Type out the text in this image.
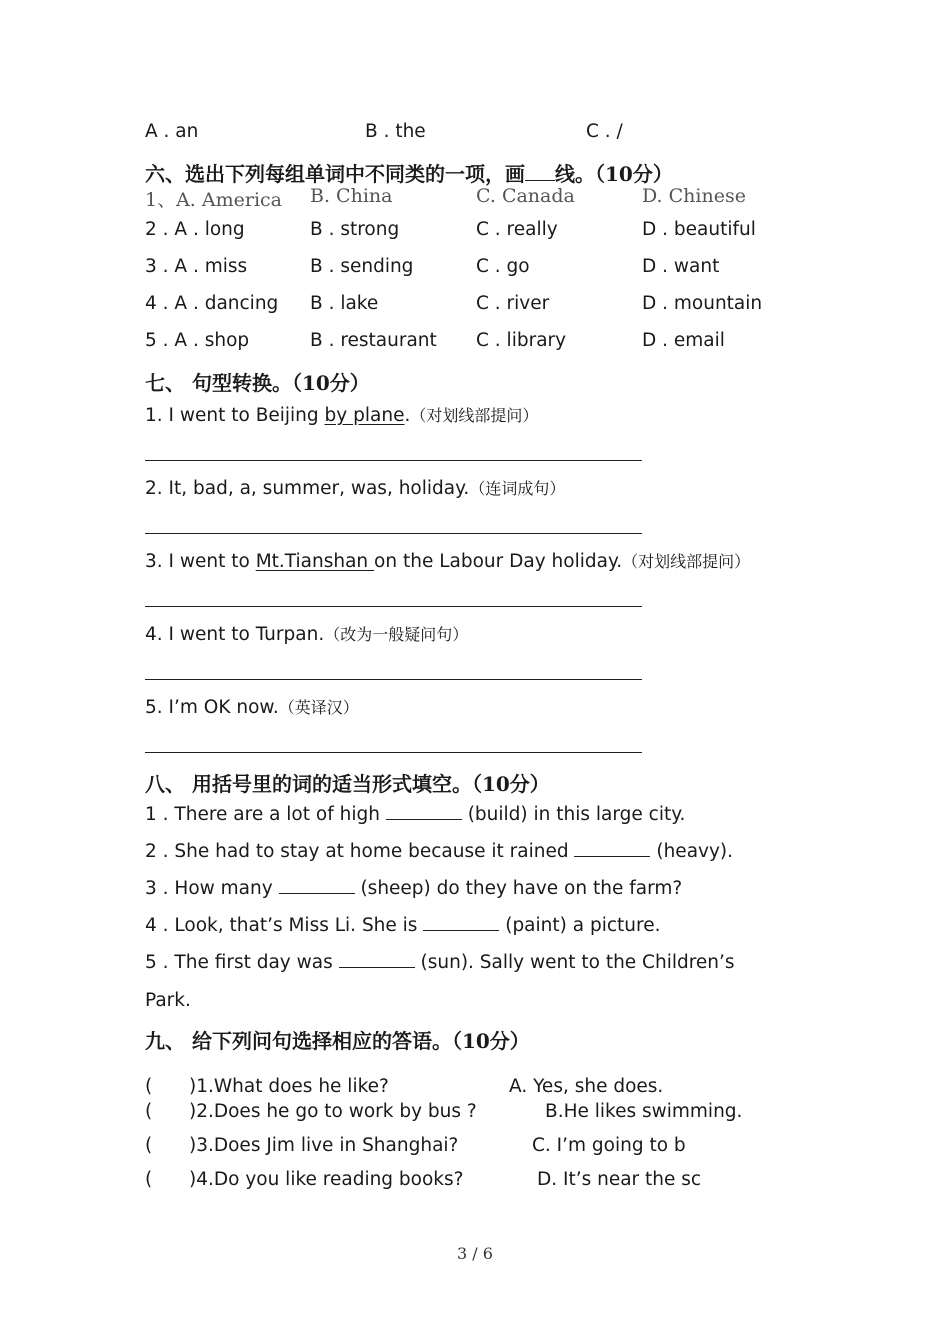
A . an	B . the	C . /
六、选出下列每组单词中不同类的一项，画 线。（10分）
1、A. America B. China	C. Canada	D. Chinese
2 . A . long	B . strong	C . really	D . beautiful
3 . A . miss	B . sending	C . go	D . want
4 . A . dancing B . lake	C . river	D . mountain
5 . A . shop	B . restaurant C . library	D . email
七、 句型转换。（10分）
1. I went to Beijing by plane.（对划线部提问）
2. It, bad, a, summer, was, holiday.（连词成句）
3. I went to Mt.Tianshan on the Labour Day holiday.（对划线部提问）
4. I went to Turpan.（改为一般疑问句）
5. I’m OK now.（英译汉）
八、 用括号里的词的适当形式填空。（10分）
1 . There are a lot of high	(build) in this large city.
2 . She had to stay at home because it rained	(heavy).
3 . How many	(sheep) do they have on the farm?
4 . Look, that’s Miss Li. She is	(paint) a picture.
5 . The first day was	(sun). Sally went to the Children’s
Park.
九、 给下列问句选择相应的答语。（10分）
( )1.What does he like?	A. Yes, she does.
( )2.Does he go to work by bus ?	B.He likes swimming.
( )3.Does Jim live in Shanghai?	C. I’m going to b
( )4.Do you like reading books?	D. It’s near the sc
3 / 6
